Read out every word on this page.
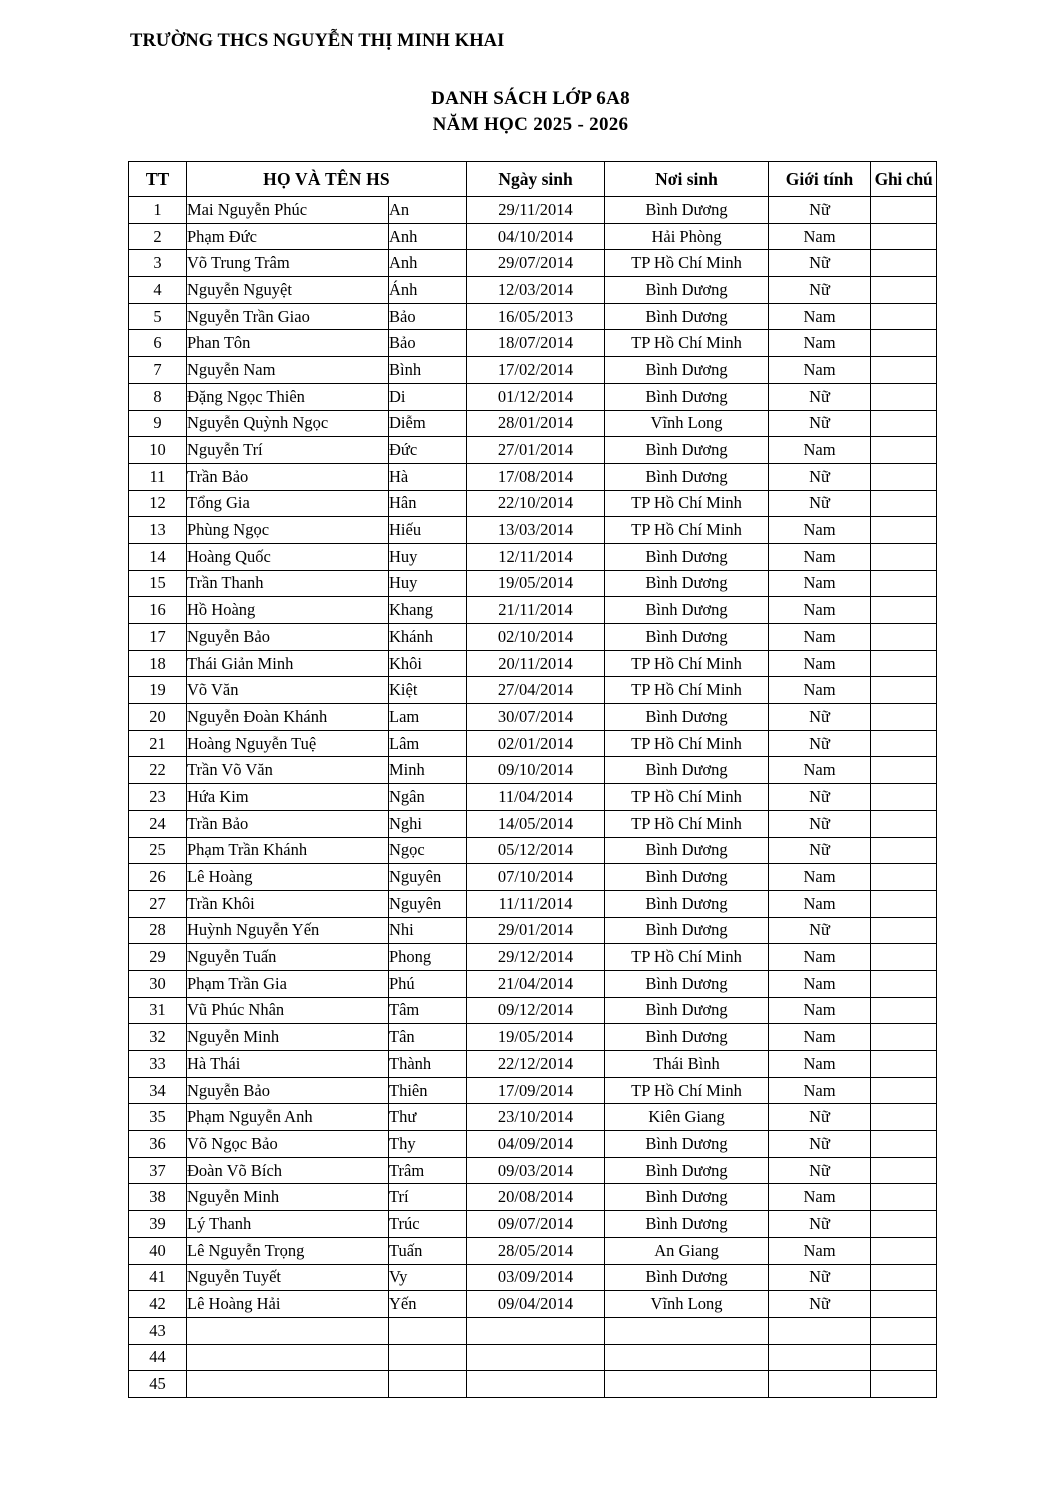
TRƯỜNG THCS NGUYỄN THỊ MINH KHAI
DANH SÁCH LỚP 6A8
NĂM HỌC 2025 - 2026
TT	HỌ VÀ TÊN HS		Ngày sinh	Nơi sinh	Giới tính	Ghi chú
1	Mai Nguyễn Phúc	An	29/11/2014	Bình Dương	Nữ	
2	Phạm Đức	Anh	04/10/2014	Hải Phòng	Nam	
3	Võ Trung Trâm	Anh	29/07/2014	TP Hồ Chí Minh	Nữ	
4	Nguyễn Nguyệt	Ánh	12/03/2014	Bình Dương	Nữ	
5	Nguyễn Trần Giao	Bảo	16/05/2013	Bình Dương	Nam	
6	Phan Tôn	Bảo	18/07/2014	TP Hồ Chí Minh	Nam	
7	Nguyễn Nam	Bình	17/02/2014	Bình Dương	Nam	
8	Đặng Ngọc Thiên	Di	01/12/2014	Bình Dương	Nữ	
9	Nguyễn Quỳnh Ngọc	Diễm	28/01/2014	Vĩnh Long	Nữ	
10	Nguyễn Trí	Đức	27/01/2014	Bình Dương	Nam	
11	Trần Bảo	Hà	17/08/2014	Bình Dương	Nữ	
12	Tổng Gia	Hân	22/10/2014	TP Hồ Chí Minh	Nữ	
13	Phùng Ngọc	Hiếu	13/03/2014	TP Hồ Chí Minh	Nam	
14	Hoàng Quốc	Huy	12/11/2014	Bình Dương	Nam	
15	Trần Thanh	Huy	19/05/2014	Bình Dương	Nam	
16	Hồ Hoàng	Khang	21/11/2014	Bình Dương	Nam	
17	Nguyễn Bảo	Khánh	02/10/2014	Bình Dương	Nam	
18	Thái Giản Minh	Khôi	20/11/2014	TP Hồ Chí Minh	Nam	
19	Võ Văn	Kiệt	27/04/2014	TP Hồ Chí Minh	Nam	
20	Nguyễn Đoàn Khánh	Lam	30/07/2014	Bình Dương	Nữ	
21	Hoàng Nguyễn Tuệ	Lâm	02/01/2014	TP Hồ Chí Minh	Nữ	
22	Trần Võ Văn	Minh	09/10/2014	Bình Dương	Nam	
23	Hứa Kim	Ngân	11/04/2014	TP Hồ Chí Minh	Nữ	
24	Trần Bảo	Nghi	14/05/2014	TP Hồ Chí Minh	Nữ	
25	Phạm Trần Khánh	Ngọc	05/12/2014	Bình Dương	Nữ	
26	Lê Hoàng	Nguyên	07/10/2014	Bình Dương	Nam	
27	Trần Khôi	Nguyên	11/11/2014	Bình Dương	Nam	
28	Huỳnh Nguyễn Yến	Nhi	29/01/2014	Bình Dương	Nữ	
29	Nguyễn Tuấn	Phong	29/12/2014	TP Hồ Chí Minh	Nam	
30	Phạm Trần Gia	Phú	21/04/2014	Bình Dương	Nam	
31	Vũ Phúc Nhân	Tâm	09/12/2014	Bình Dương	Nam	
32	Nguyễn Minh	Tân	19/05/2014	Bình Dương	Nam	
33	Hà Thái	Thành	22/12/2014	Thái Bình	Nam	
34	Nguyễn Bảo	Thiên	17/09/2014	TP Hồ Chí Minh	Nam	
35	Phạm Nguyễn Anh	Thư	23/10/2014	Kiên Giang	Nữ	
36	Võ Ngọc Bảo	Thy	04/09/2014	Bình Dương	Nữ	
37	Đoàn Võ Bích	Trâm	09/03/2014	Bình Dương	Nữ	
38	Nguyễn Minh	Trí	20/08/2014	Bình Dương	Nam	
39	Lý Thanh	Trúc	09/07/2014	Bình Dương	Nữ	
40	Lê Nguyễn Trọng	Tuấn	28/05/2014	An Giang	Nam	
41	Nguyễn Tuyết	Vy	03/09/2014	Bình Dương	Nữ	
42	Lê Hoàng Hải	Yến	09/04/2014	Vĩnh Long	Nữ	
43						
44						
45						
